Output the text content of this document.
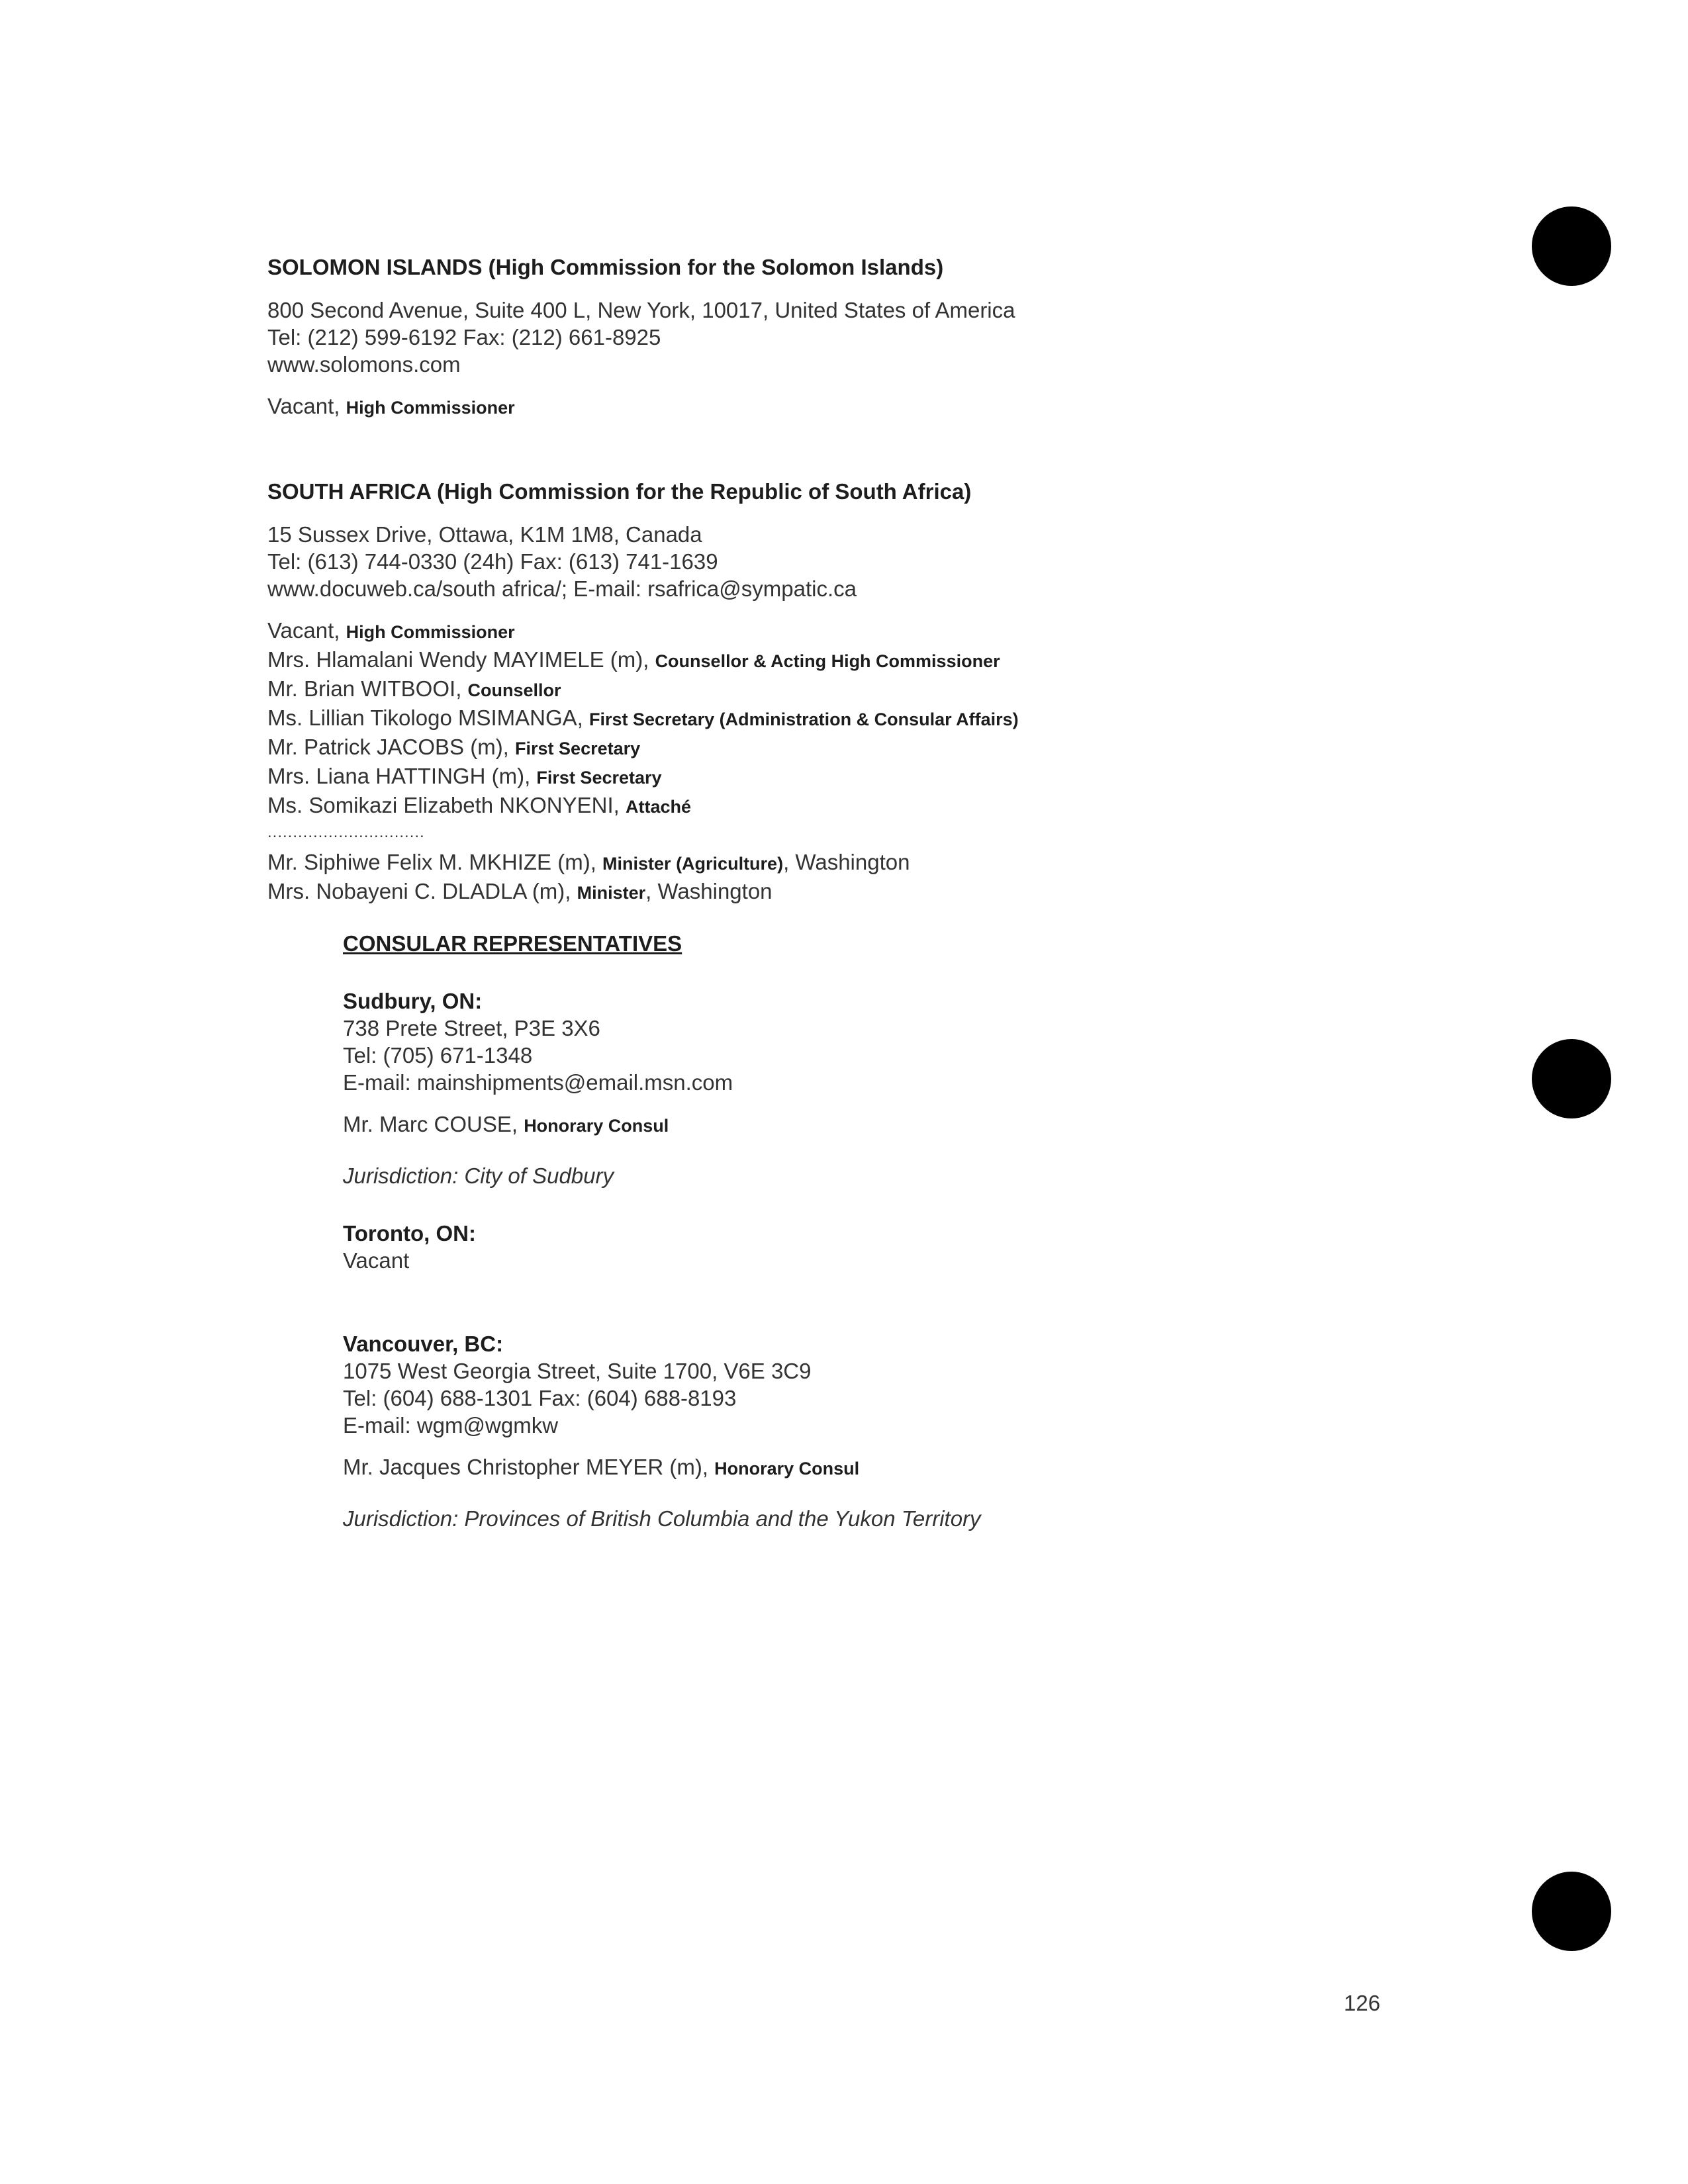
SOLOMON ISLANDS (High Commission for the Solomon Islands)
800 Second Avenue, Suite 400 L, New York, 10017, United States of America
Tel: (212) 599-6192 Fax: (212) 661-8925
www.solomons.com
Vacant, High Commissioner
SOUTH AFRICA (High Commission for the Republic of South Africa)
15 Sussex Drive, Ottawa, K1M 1M8, Canada
Tel: (613) 744-0330 (24h) Fax: (613) 741-1639
www.docuweb.ca/south africa/; E-mail: rsafrica@sympatic.ca
Vacant, High Commissioner
Mrs. Hlamalani Wendy MAYIMELE (m), Counsellor & Acting High Commissioner
Mr. Brian WITBOOI, Counsellor
Ms. Lillian Tikologo MSIMANGA, First Secretary (Administration & Consular Affairs)
Mr. Patrick JACOBS (m), First Secretary
Mrs. Liana HATTINGH (m), First Secretary
Ms. Somikazi Elizabeth NKONYENI, Attaché
...............................
Mr. Siphiwe Felix M. MKHIZE (m), Minister (Agriculture), Washington
Mrs. Nobayeni C. DLADLA (m), Minister, Washington
CONSULAR REPRESENTATIVES
Sudbury, ON:
738 Prete Street, P3E 3X6
Tel: (705) 671-1348
E-mail: mainshipments@email.msn.com
Mr. Marc COUSE, Honorary Consul
Jurisdiction: City of Sudbury
Toronto, ON:
Vacant
Vancouver, BC:
1075 West Georgia Street, Suite 1700, V6E 3C9
Tel: (604) 688-1301 Fax: (604) 688-8193
E-mail: wgm@wgmkw
Mr. Jacques Christopher MEYER (m), Honorary Consul
Jurisdiction: Provinces of British Columbia and the Yukon Territory
126
